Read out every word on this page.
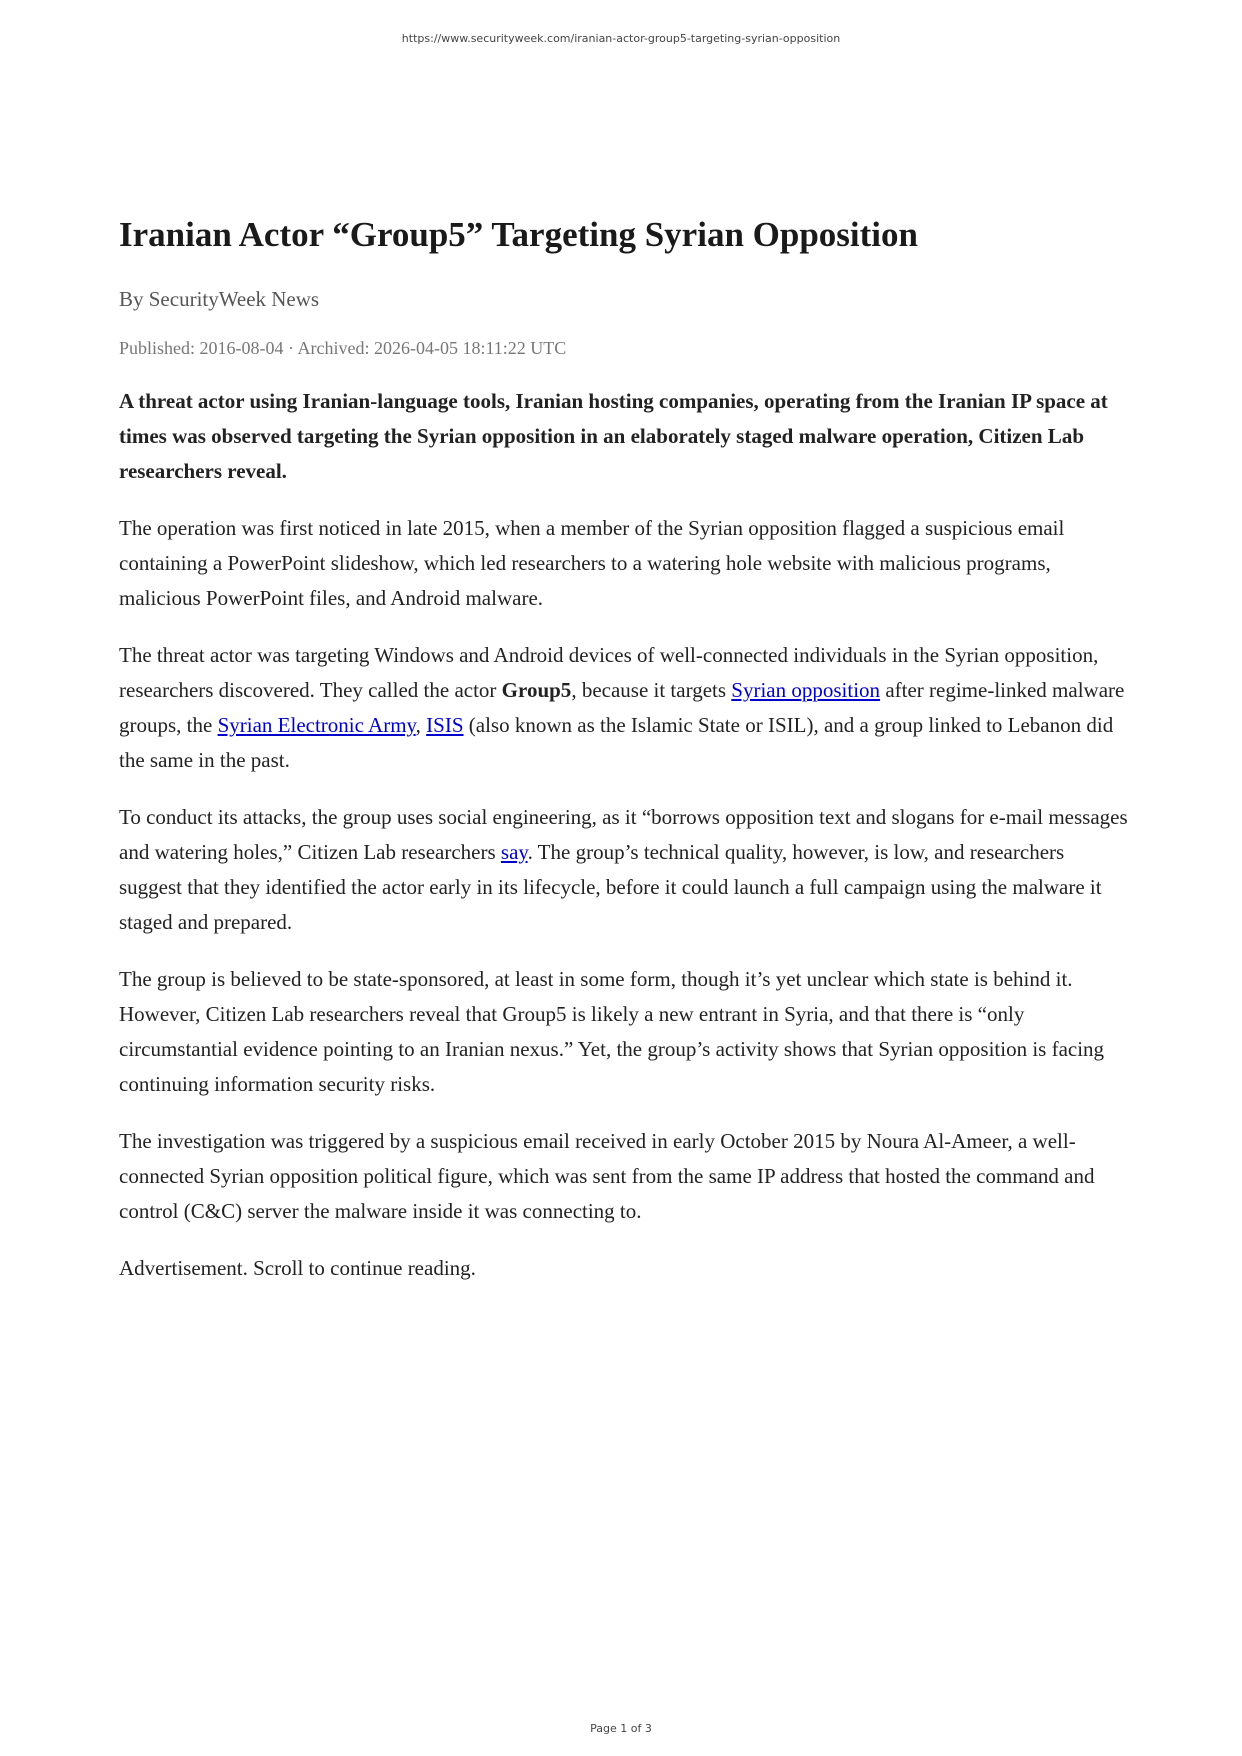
https://www.securityweek.com/iranian-actor-group5-targeting-syrian-opposition
Iranian Actor “Group5” Targeting Syrian Opposition
By SecurityWeek News
Published: 2016-08-04 · Archived: 2026-04-05 18:11:22 UTC

A threat actor using Iranian-language tools, Iranian hosting companies, operating from the Iranian IP space at times was observed targeting the Syrian opposition in an elaborately staged malware operation, Citizen Lab researchers reveal.

The operation was first noticed in late 2015, when a member of the Syrian opposition flagged a suspicious email containing a PowerPoint slideshow, which led researchers to a watering hole website with malicious programs, malicious PowerPoint files, and Android malware.

The threat actor was targeting Windows and Android devices of well-connected individuals in the Syrian opposition, researchers discovered. They called the actor Group5, because it targets Syrian opposition after regime-linked malware groups, the Syrian Electronic Army, ISIS (also known as the Islamic State or ISIL), and a group linked to Lebanon did the same in the past.

To conduct its attacks, the group uses social engineering, as it “borrows opposition text and slogans for e-mail messages and watering holes,” Citizen Lab researchers say. The group’s technical quality, however, is low, and researchers suggest that they identified the actor early in its lifecycle, before it could launch a full campaign using the malware it staged and prepared.

The group is believed to be state-sponsored, at least in some form, though it’s yet unclear which state is behind it. However, Citizen Lab researchers reveal that Group5 is likely a new entrant in Syria, and that there is “only circumstantial evidence pointing to an Iranian nexus.” Yet, the group’s activity shows that Syrian opposition is facing continuing information security risks.

The investigation was triggered by a suspicious email received in early October 2015 by Noura Al-Ameer, a well-connected Syrian opposition political figure, which was sent from the same IP address that hosted the command and control (C&C) server the malware inside it was connecting to.

Advertisement. Scroll to continue reading.

Page 1 of 3
